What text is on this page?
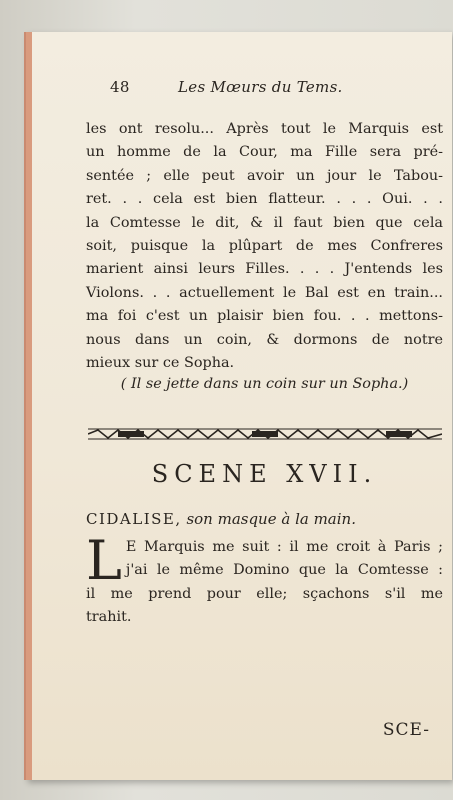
48	Les Mœurs du Tems.
les ont resolu... Après tout le Marquis est
un homme de la Cour, ma Fille sera pré-
sentée ; elle peut avoir un jour le Tabou-
ret. . . cela est bien flatteur. . . . Oui. . .
la Comtesse le dit, & il faut bien que cela
soit, puisque la plûpart de mes Confreres
marient ainsi leurs Filles. . . . J'entends les
Violons. . . actuellement le Bal est en train...
ma foi c'est un plaisir bien fou. . . mettons-
nous dans un coin, & dormons de notre
mieux sur ce Sopha.
( Il se jette dans un coin sur un Sopha.)
SCENE XVII.
CIDALISE, son masque à la main.
L E Marquis me suit : il me croit à Paris ;
j'ai le même Domino que la Comtesse :
il me prend pour elle; sçachons s'il me
trahit.
SCE-
